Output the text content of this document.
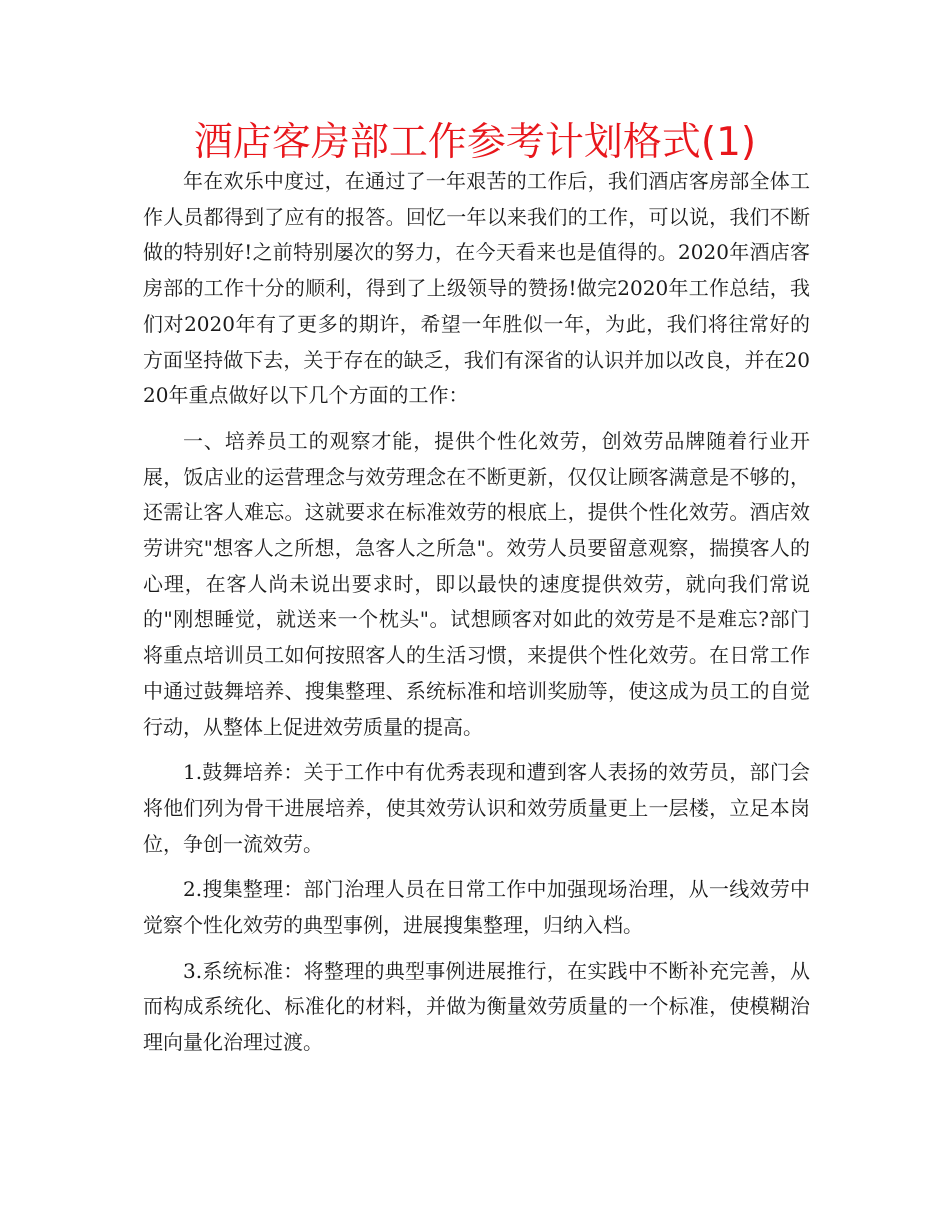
酒店客房部工作参考计划格式(1)

年在欢乐中度过，在通过了一年艰苦的工作后，我们酒店客房部全体工作人员都得到了应有的报答。回忆一年以来我们的工作，可以说，我们不断做的特别好!之前特别屡次的努力，在今天看来也是值得的。2020年酒店客房部的工作十分的顺利，得到了上级领导的赞扬!做完2020年工作总结，我们对2020年有了更多的期许，希望一年胜似一年，为此，我们将往常好的方面坚持做下去，关于存在的缺乏，我们有深省的认识并加以改良，并在2020年重点做好以下几个方面的工作：

一、培养员工的观察才能，提供个性化效劳，创效劳品牌随着行业开展，饭店业的运营理念与效劳理念在不断更新，仅仅让顾客满意是不够的，还需让客人难忘。这就要求在标准效劳的根底上，提供个性化效劳。酒店效劳讲究"想客人之所想，急客人之所急"。效劳人员要留意观察，揣摸客人的心理，在客人尚未说出要求时，即以最快的速度提供效劳，就向我们常说的"刚想睡觉，就送来一个枕头"。试想顾客对如此的效劳是不是难忘?部门将重点培训员工如何按照客人的生活习惯，来提供个性化效劳。在日常工作中通过鼓舞培养、搜集整理、系统标准和培训奖励等，使这成为员工的自觉行动，从整体上促进效劳质量的提高。

1.鼓舞培养：关于工作中有优秀表现和遭到客人表扬的效劳员，部门会将他们列为骨干进展培养，使其效劳认识和效劳质量更上一层楼，立足本岗位，争创一流效劳。

2.搜集整理：部门治理人员在日常工作中加强现场治理，从一线效劳中觉察个性化效劳的典型事例，进展搜集整理，归纳入档。

3.系统标准：将整理的典型事例进展推行，在实践中不断补充完善，从而构成系统化、标准化的材料，并做为衡量效劳质量的一个标准，使模糊治理向量化治理过渡。
